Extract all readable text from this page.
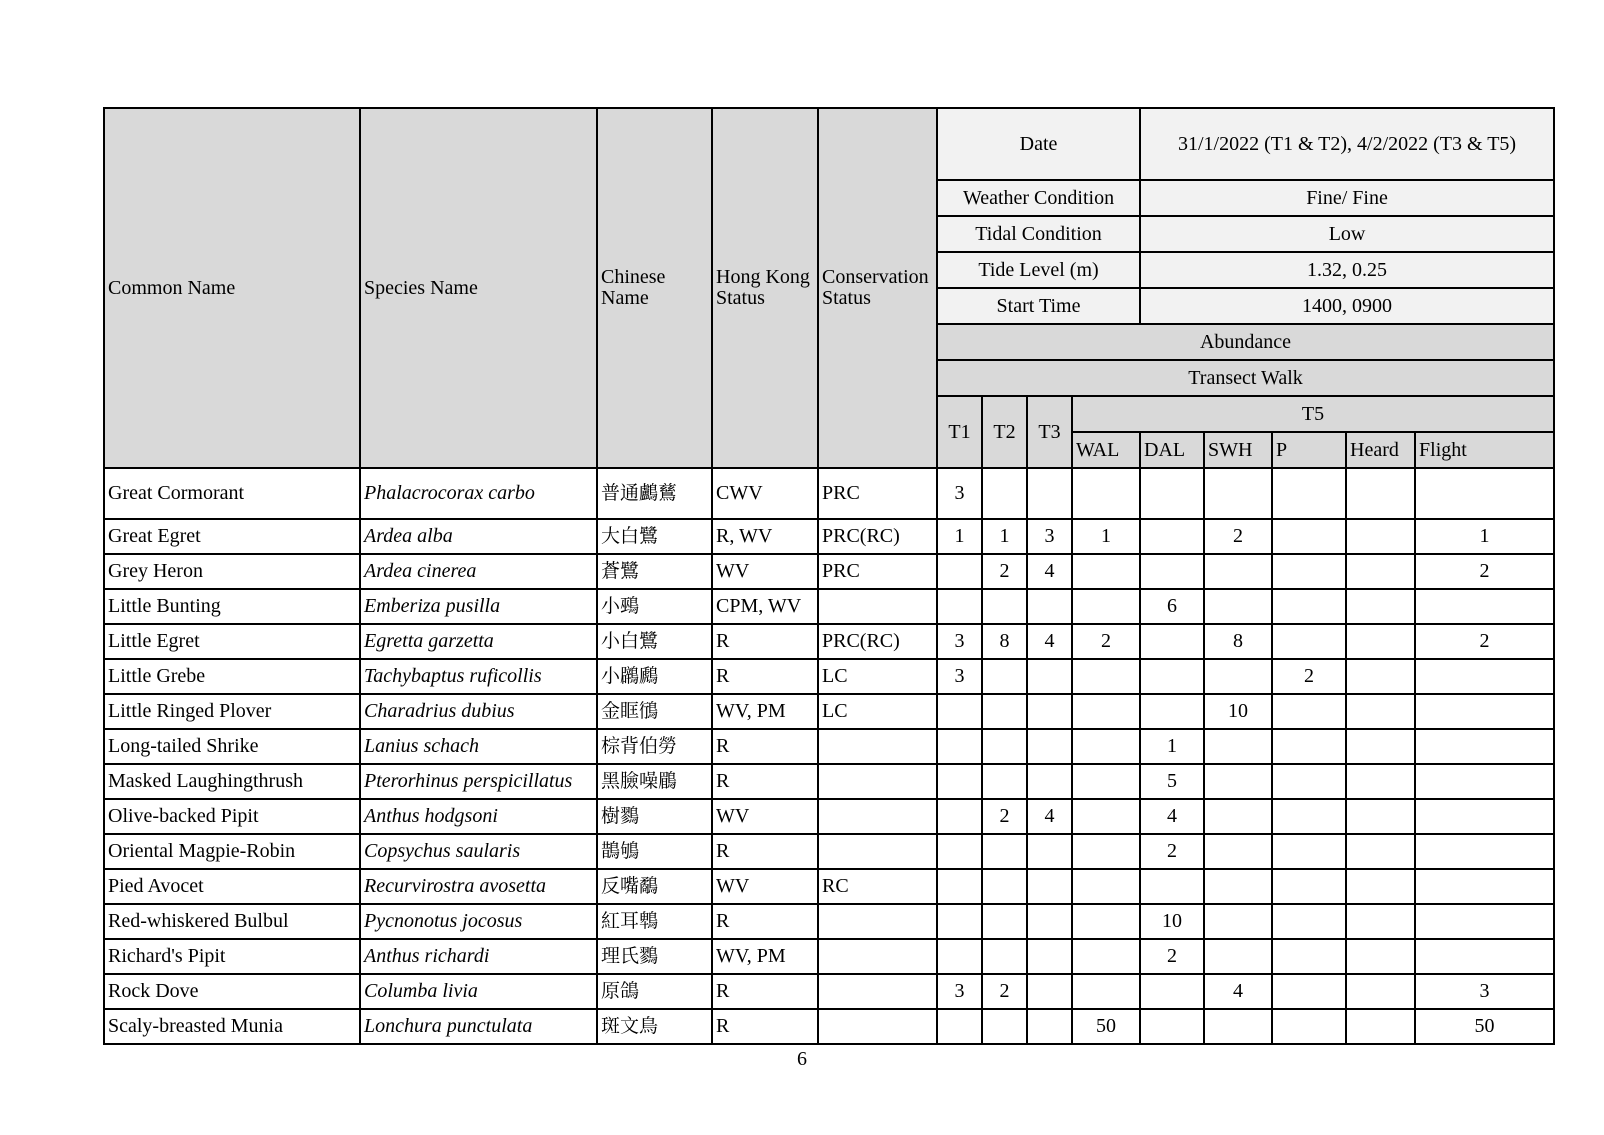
Common Name	Species Name	Chinese Name	Hong Kong Status	Conservation Status	Date				31/1/2022 (T1 & T2), 4/2/2022 (T3 & T5)				

					Weather Condition				Fine/ Fine				
					Tidal Condition				Low				
					Tide Level (m)				1.32, 0.25				
					Start Time				1400, 0900				
					Abundance								
					Transect Walk								
					T1	T2	T3	T5					
								WAL	DAL	SWH	P	Heard	Flight
Great Cormorant	Phalacrocorax carbo	普通鸕鶿	CWV	PRC	3								
Great Egret	Ardea alba	大白鷺	R, WV	PRC(RC)	1	1	3	1		2			1
Grey Heron	Ardea cinerea	蒼鷺	WV	PRC		2	4						2
Little Bunting	Emberiza pusilla	小鵐	CPM, WV						6				
Little Egret	Egretta garzetta	小白鷺	R	PRC(RC)	3	8	4	2		8			2
Little Grebe	Tachybaptus ruficollis	小鸊鷉	R	LC	3						2		
Little Ringed Plover	Charadrius dubius	金眶鴴	WV, PM	LC						10			
Long-tailed Shrike	Lanius schach	棕背伯勞	R						1				
Masked Laughingthrush	Pterorhinus perspicillatus	黑臉噪鶥	R						5				
Olive-backed Pipit	Anthus hodgsoni	樹鷚	WV			2	4		4				
Oriental Magpie-Robin	Copsychus saularis	鵲鴝	R						2				
Pied Avocet	Recurvirostra avosetta	反嘴鷸	WV	RC									
Red-whiskered Bulbul	Pycnonotus jocosus	紅耳鵯	R						10				
Richard's Pipit	Anthus richardi	理氏鷚	WV, PM						2				
Rock Dove	Columba livia	原鴿	R		3	2				4			3
Scaly-breasted Munia	Lonchura punctulata	斑文鳥	R					50					50
6
